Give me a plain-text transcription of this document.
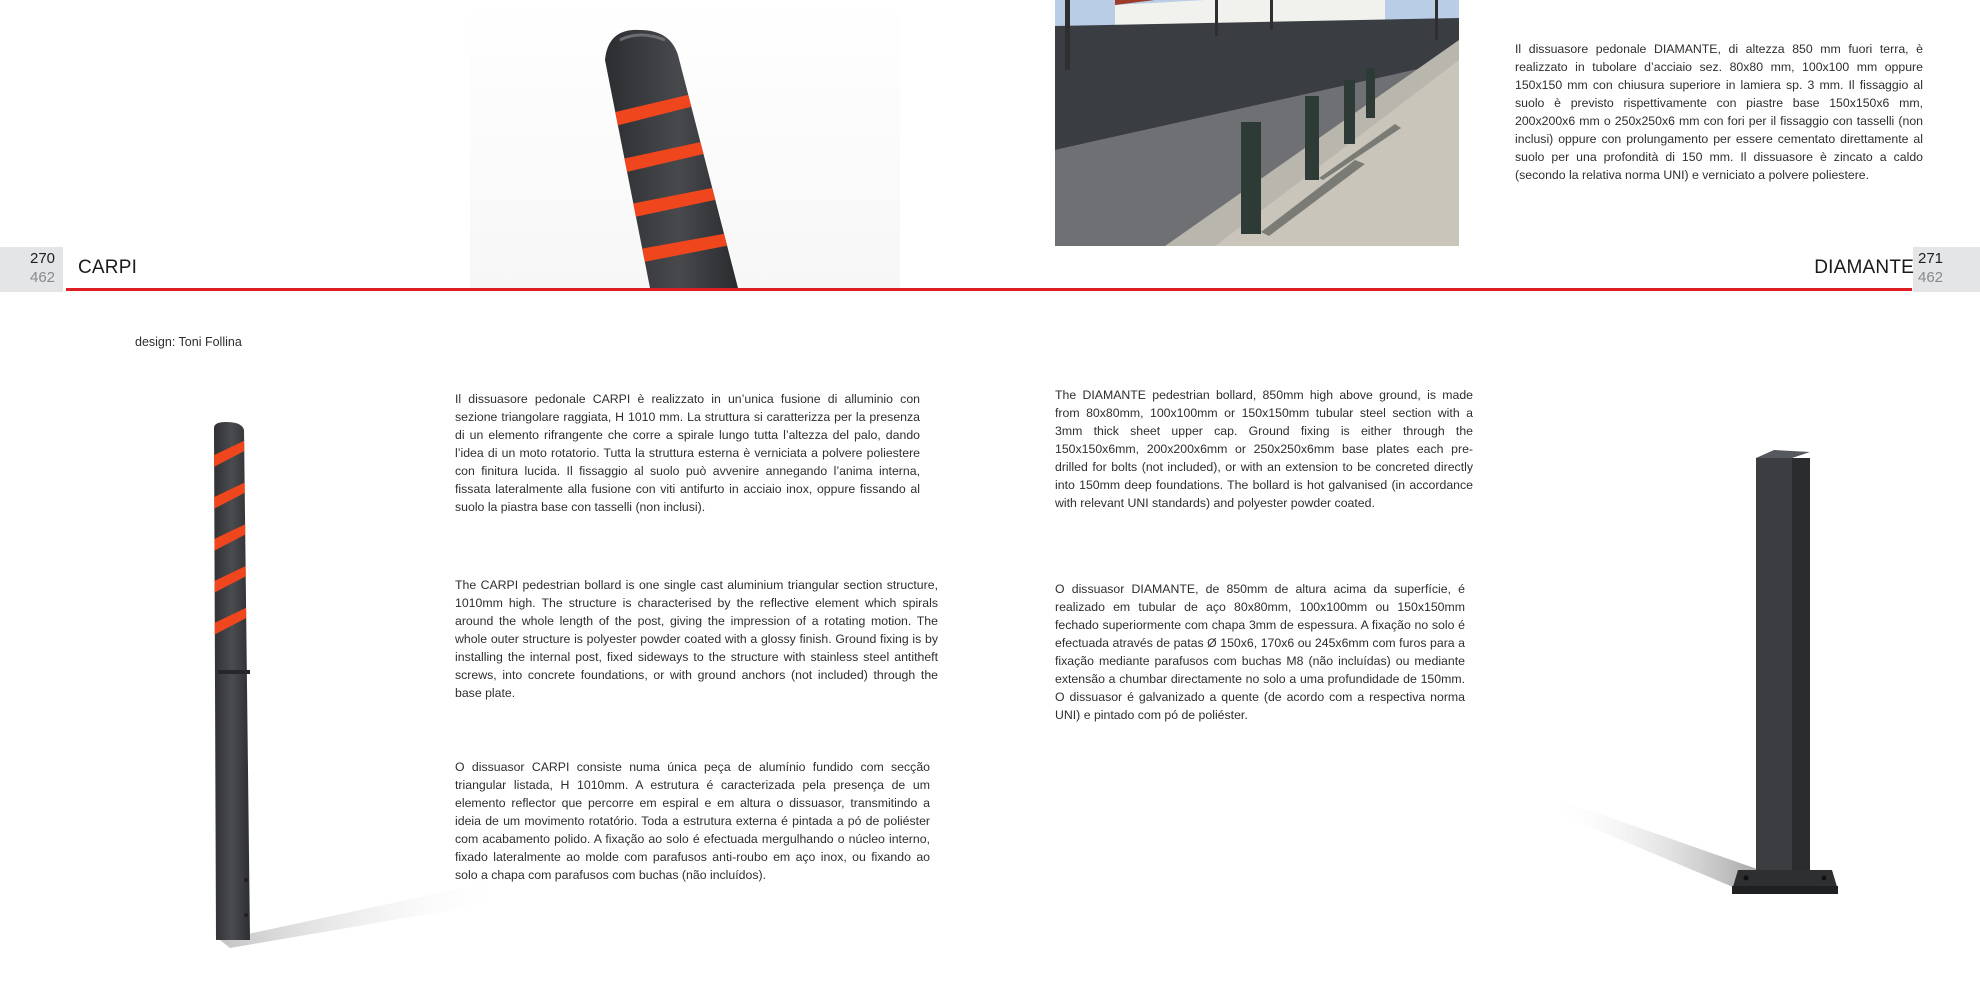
270
462
271
462
CARPI	DIAMANTE
design: Toni Follina

Il dissuasore pedonale DIAMANTE, di altezza 850 mm fuori terra, è realizzato in tubolare d’acciaio sez. 80x80 mm, 100x100 mm oppure 150x150 mm con chiusura superiore in lamiera sp. 3 mm. Il fissaggio al suolo è previsto rispettivamente con piastre base 150x150x6 mm, 200x200x6 mm o 250x250x6 mm con fori per il fissaggio con tasselli (non inclusi) oppure con prolungamento per essere cementato direttamente al suolo per una profondità di 150 mm. Il dissuasore è zincato a caldo (secondo la relativa norma UNI) e verniciato a polvere poliestere.

Il dissuasore pedonale CARPI è realizzato in un’unica fusione di alluminio con sezione triangolare raggiata, H 1010 mm. La struttura si caratterizza per la presenza di un elemento rifrangente che corre a spirale lungo tutta l’altezza del palo, dando l’idea di un moto rotatorio. Tutta la struttura esterna è verniciata a polvere poliestere con finitura lucida. Il fissaggio al suolo può avvenire annegando l’anima interna, fissata lateralmente alla fusione con viti antifurto in acciaio inox, oppure fissando al suolo la piastra base con tasselli (non inclusi).

The CARPI pedestrian bollard is one single cast aluminium triangular section structure, 1010mm high. The structure is characterised by the reflective element which spirals around the whole length of the post, giving the impression of a rotating motion. The whole outer structure is polyester powder coated with a glossy finish. Ground fixing is by installing the internal post, fixed sideways to the structure with stainless steel antitheft screws, into concrete foundations, or with ground anchors (not included) through the base plate.

O dissuasor CARPI consiste numa única peça de alumínio fundido com secção triangular listada, H 1010mm. A estrutura é caracterizada pela presença de um elemento reflector que percorre em espiral e em altura o dissuasor, transmitindo a ideia de um movimento rotatório. Toda a estrutura externa é pintada a pó de poliéster com acabamento polido. A fixação ao solo é efectuada mergulhando o núcleo interno, fixado lateralmente ao molde com parafusos anti-roubo em aço inox, ou fixando ao solo a chapa com parafusos com buchas (não incluídos).

The DIAMANTE pedestrian bollard, 850mm high above ground, is made from 80x80mm, 100x100mm or 150x150mm tubular steel section with a 3mm thick sheet upper cap. Ground fixing is either through the 150x150x6mm, 200x200x6mm or 250x250x6mm base plates each pre-drilled for bolts (not included), or with an extension to be concreted directly into 150mm deep foundations. The bollard is hot galvanised (in accordance with relevant UNI standards) and polyester powder coated.

O dissuasor DIAMANTE, de 850mm de altura acima da superfície, é realizado em tubular de aço 80x80mm, 100x100mm ou 150x150mm fechado superiormente com chapa 3mm de espessura. A fixação no solo é efectuada através de patas Ø 150x6, 170x6 ou 245x6mm com furos para a fixação mediante parafusos com buchas M8 (não incluídas) ou mediante extensão a chumbar directamente no solo a uma profundidade de 150mm. O dissuasor é galvanizado a quente (de acordo com a respectiva norma UNI) e pintado com pó de poliéster.
